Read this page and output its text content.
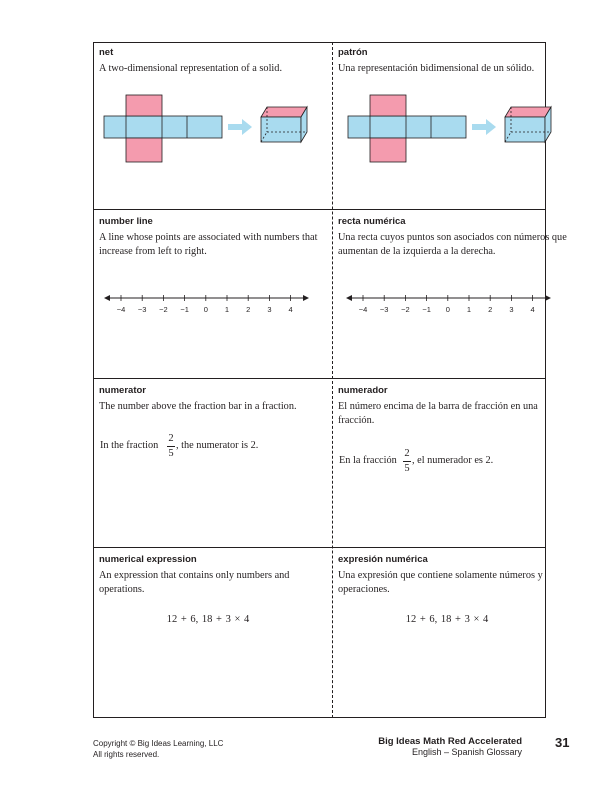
net

A two-dimensional representation of a solid.

patrón

Una representación bidimensional de un sólido.

number line

A line whose points are associated with numbers that increase from left to right.

recta numérica

Una recta cuyos puntos son asociados con números que aumentan de la izquierda a la derecha.

−4 −3 −2 −1 0 1 2 3 4	−4 −3 −2 −1 0 1 2 3 4

numerator

The number above the fraction bar in a fraction.

numerador

El número encima de la barra de fracción en una fracción.

In the fraction
2
5
, the numerator is 2.
En la fracción
2
5
, el numerador es 2.

numerical expression

An expression that contains only numbers and operations.

expresión numérica

Una expresión que contiene solamente números y operaciones.

12 + 6, 18 + 3 × 4	12 + 6, 18 + 3 × 4
Copyright © Big Ideas Learning, LLC
All rights reserved.
Big Ideas Math Red Accelerated
English – Spanish Glossary
31
